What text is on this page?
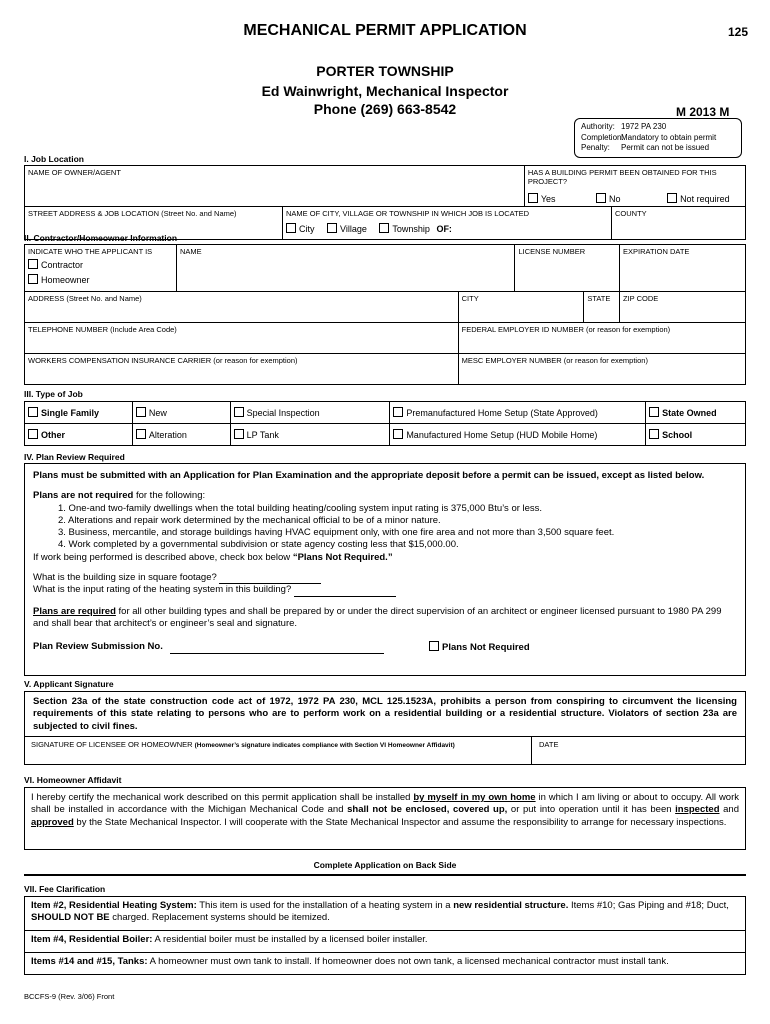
MECHANICAL PERMIT APPLICATION	125
PORTER TOWNSHIP
Ed Wainwright, Mechanical Inspector
Phone (269) 663-8542	M 2013 M
Authority: 1972 PA 230
Completion:Mandatory to obtain permit
Penalty: Permit can not be issued
I. Job Location
NAME OF OWNER/AGENT		HAS A BUILDING PERMIT BEEN OBTAINED FOR THIS PROJECT?
Yes No Not required	

STREET ADDRESS & JOB LOCATION (Street No. and Name)	NAME OF CITY, VILLAGE OR TOWNSHIP IN WHICH JOB IS LOCATED
City Village Township OF:		COUNTY
II. Contractor/Homeowner Information
INDICATE WHO THE APPLICANT IS
Contractor
Homeowner	NAME		LICENSE NUMBER		EXPIRATION DATE
ADDRESS (Street No. and Name)		CITY		STATE	ZIP CODE
TELEPHONE NUMBER (Include Area Code)		FEDERAL EMPLOYER ID NUMBER (or reason for exemption)			
WORKERS COMPENSATION INSURANCE CARRIER (or reason for exemption)		MESC EMPLOYER NUMBER (or reason for exemption)			
III. Type of Job
Single Family	New	Special Inspection	Premanufactured Home Setup (State Approved)	State Owned
Other	Alteration	LP Tank	Manufactured Home Setup (HUD Mobile Home)	School
IV. Plan Review Required
Plans must be submitted with an Application for Plan Examination and the appropriate deposit before a permit can be issued, except as listed below.
Plans are not required for the following:
1. One-and two-family dwellings when the total building heating/cooling system input rating is 375,000 Btu’s or less.
2. Alterations and repair work determined by the mechanical official to be of a minor nature.
3. Business, mercantile, and storage buildings having HVAC equipment only, with one fire area and not more than 3,500 square feet.
4. Work completed by a governmental subdivision or state agency costing less that $15,000.00.
If work being performed is described above, check box below “Plans Not Required.”
What is the building size in square footage?
What is the input rating of the heating system in this building?
Plans are required for all other building types and shall be prepared by or under the direct supervision of an architect or engineer licensed pursuant to 1980 PA 299 and shall bear that architect’s or engineer’s seal and signature.
Plan Review Submission No.	Plans Not Required
V. Applicant Signature
Section 23a of the state construction code act of 1972, 1972 PA 230, MCL 125.1523A, prohibits a person from conspiring to circumvent the licensing requirements of this state relating to persons who are to perform work on a residential building or a residential structure. Violators of section 23a are subjected to civil fines.
SIGNATURE OF LICENSEE OR HOMEOWNER (Homeowner’s signature indicates compliance with Section VI Homeowner Affidavit)	DATE
VI. Homeowner Affidavit
I hereby certify the mechanical work described on this permit application shall be installed by myself in my own home in which I am living or about to occupy. All work shall be installed in accordance with the Michigan Mechanical Code and shall not be enclosed, covered up, or put into operation until it has been inspected and approved by the State Mechanical Inspector. I will cooperate with the State Mechanical Inspector and assume the responsibility to arrange for necessary inspections.
Complete Application on Back Side
VII. Fee Clarification
Item #2, Residential Heating System: This item is used for the installation of a heating system in a new residential structure. Items #10; Gas Piping and #18; Duct, SHOULD NOT BE charged. Replacement systems should be itemized.
Item #4, Residential Boiler: A residential boiler must be installed by a licensed boiler installer.
Items #14 and #15, Tanks: A homeowner must own tank to install. If homeowner does not own tank, a licensed mechanical contractor must install tank.
BCCFS-9 (Rev. 3/06) Front
